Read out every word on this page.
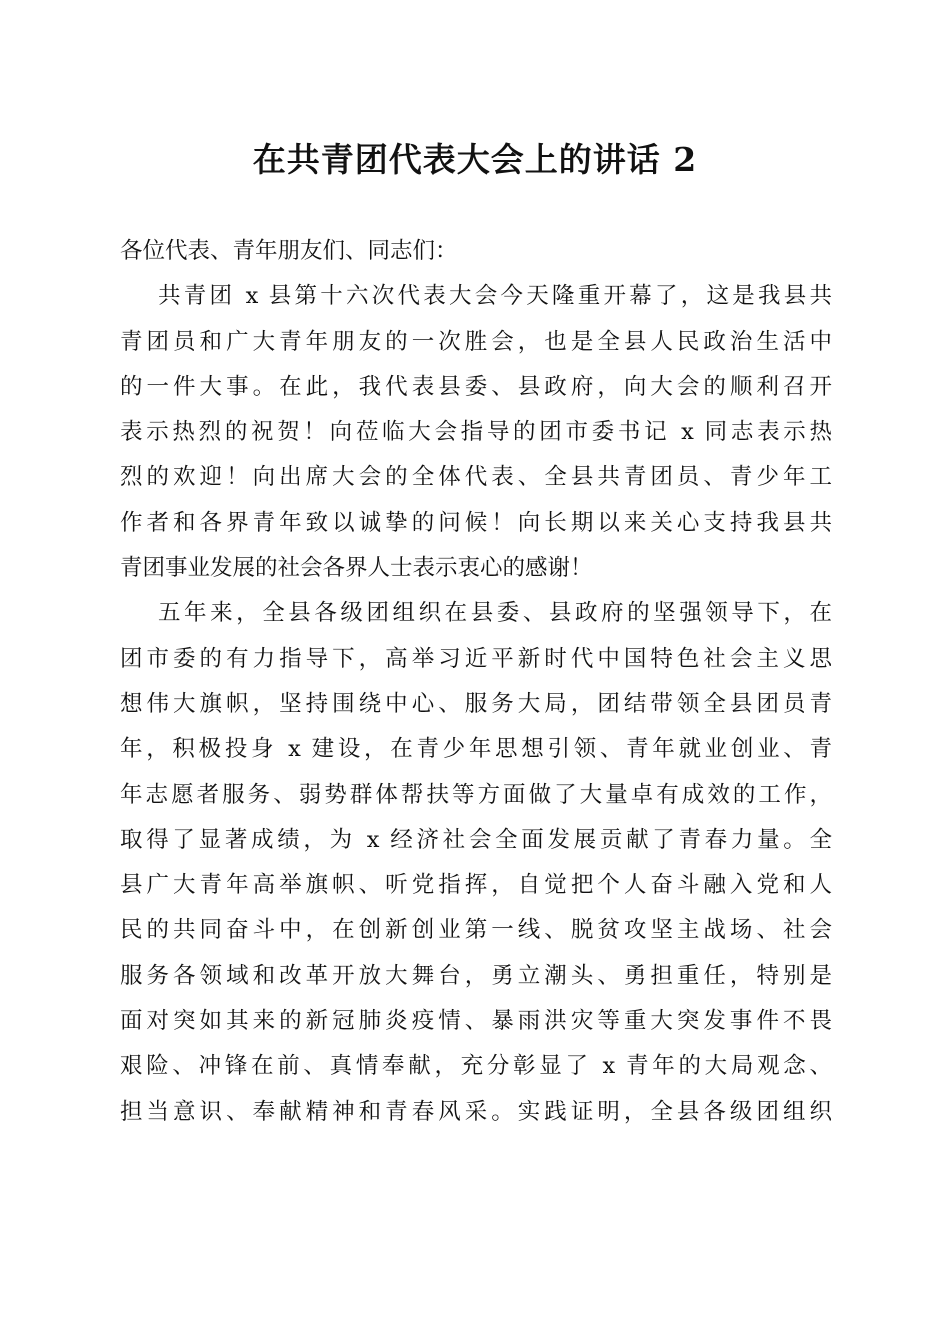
在共青团代表大会上的讲话 2
各位代表、青年朋友们、同志们：
共青团 x 县第十六次代表大会今天隆重开幕了，这是我县共
青团员和广大青年朋友的一次胜会，也是全县人民政治生活中
的一件大事。在此，我代表县委、县政府，向大会的顺利召开
表示热烈的祝贺！向莅临大会指导的团市委书记 x 同志表示热
烈的欢迎！向出席大会的全体代表、全县共青团员、青少年工
作者和各界青年致以诚挚的问候！向长期以来关心支持我县共
青团事业发展的社会各界人士表示衷心的感谢！
五年来，全县各级团组织在县委、县政府的坚强领导下，在
团市委的有力指导下，高举习近平新时代中国特色社会主义思
想伟大旗帜，坚持围绕中心、服务大局，团结带领全县团员青
年，积极投身 x 建设，在青少年思想引领、青年就业创业、青
年志愿者服务、弱势群体帮扶等方面做了大量卓有成效的工作，
取得了显著成绩，为 x 经济社会全面发展贡献了青春力量。全
县广大青年高举旗帜、听党指挥，自觉把个人奋斗融入党和人
民的共同奋斗中，在创新创业第一线、脱贫攻坚主战场、社会
服务各领域和改革开放大舞台，勇立潮头、勇担重任，特别是
面对突如其来的新冠肺炎疫情、暴雨洪灾等重大突发事件不畏
艰险、冲锋在前、真情奉献，充分彰显了 x 青年的大局观念、
担当意识、奉献精神和青春风采。实践证明，全县各级团组织
